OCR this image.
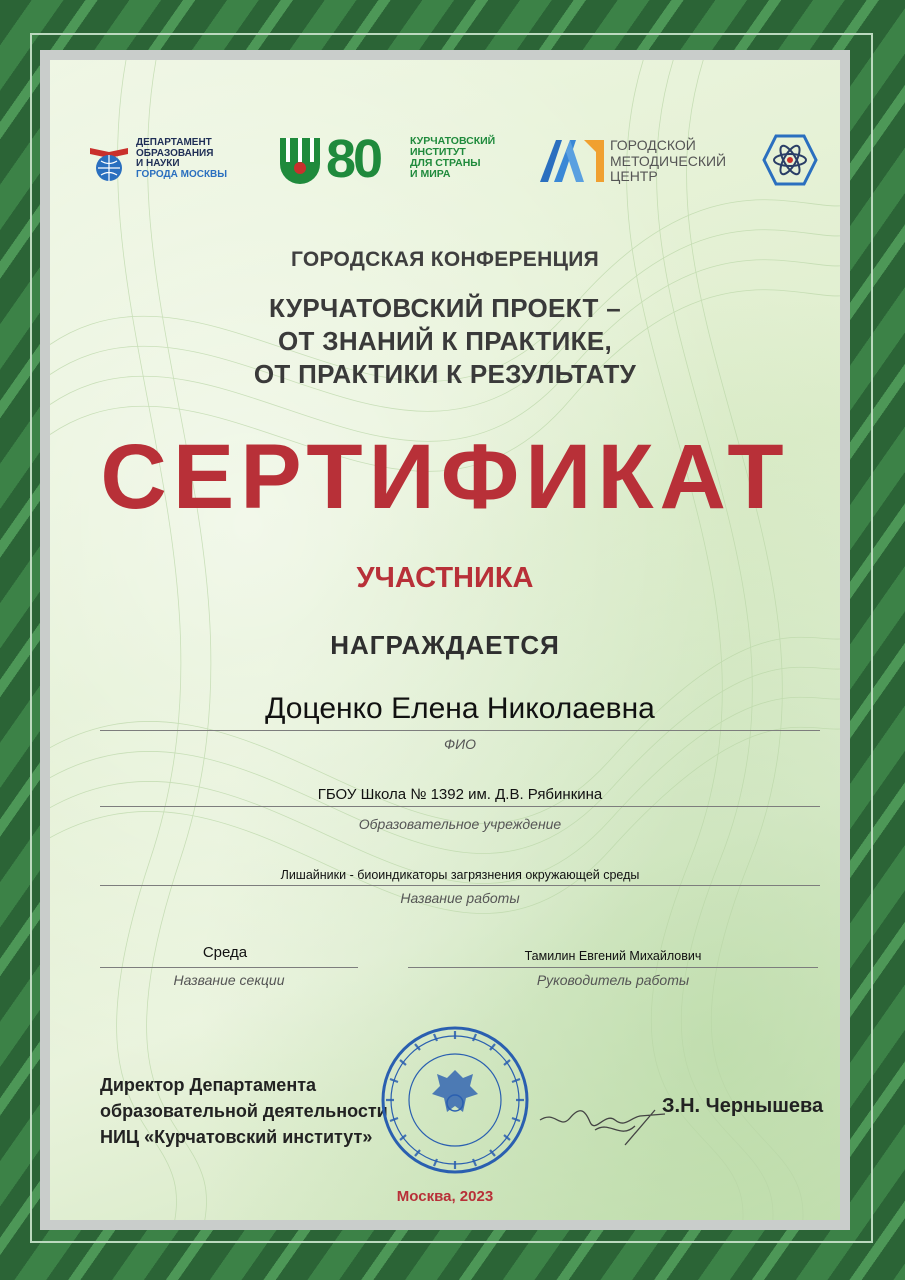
ДЕПАРТАМЕНТ
ОБРАЗОВАНИЯ
И НАУКИ
ГОРОДА МОСКВЫ 80	КУРЧАТОВСКИЙ
ИНСТИТУТ
ДЛЯ СТРАНЫ
И МИРА
ГОРОДСКОЙ
МЕТОДИЧЕСКИЙ
ЦЕНТР
ГОРОДСКАЯ КОНФЕРЕНЦИЯ
КУРЧАТОВСКИЙ ПРОЕКТ –
ОТ ЗНАНИЙ К ПРАКТИКЕ,
ОТ ПРАКТИКИ К РЕЗУЛЬТАТУ
СЕРТИФИКАТ
УЧАСТНИКА
НАГРАЖДАЕТСЯ
Доценко Елена Николаевна
ФИО
ГБОУ Школа № 1392 им. Д.В. Рябинкина
Образовательное учреждение
Лишайники - биоиндикаторы загрязнения окружающей среды
Название работы
Среда
Название секции
Тамилин Евгений Михайлович
Руководитель работы
Директор Департамента
образовательной деятельности
НИЦ «Курчатовский институт»
З.Н. Чернышева
Москва, 2023
